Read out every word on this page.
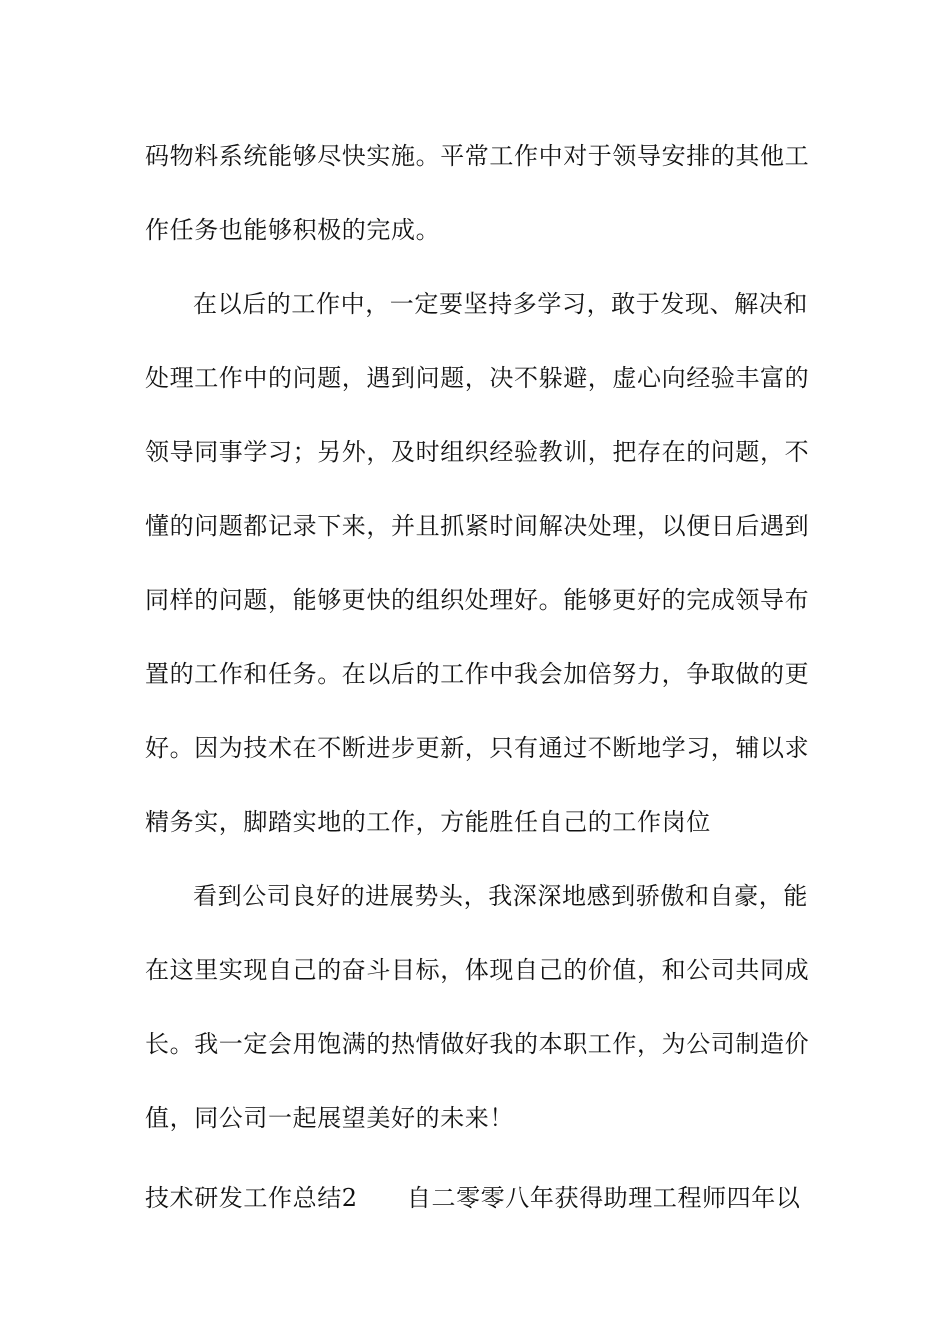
码物料系统能够尽快实施。平常工作中对于领导安排的其他工
作任务也能够积极的完成。
在以后的工作中，一定要坚持多学习，敢于发现、解决和
处理工作中的问题，遇到问题，决不躲避，虚心向经验丰富的
领导同事学习；另外，及时组织经验教训，把存在的问题，不
懂的问题都记录下来，并且抓紧时间解决处理，以便日后遇到
同样的问题，能够更快的组织处理好。能够更好的完成领导布
置的工作和任务。在以后的工作中我会加倍努力，争取做的更
好。因为技术在不断进步更新，只有通过不断地学习，辅以求
精务实，脚踏实地的工作，方能胜任自己的工作岗位
看到公司良好的进展势头，我深深地感到骄傲和自豪，能
在这里实现自己的奋斗目标，体现自己的价值，和公司共同成
长。我一定会用饱满的热情做好我的本职工作，为公司制造价
值，同公司一起展望美好的未来！
技术研发工作总结2　　自二零零八年获得助理工程师四年以
